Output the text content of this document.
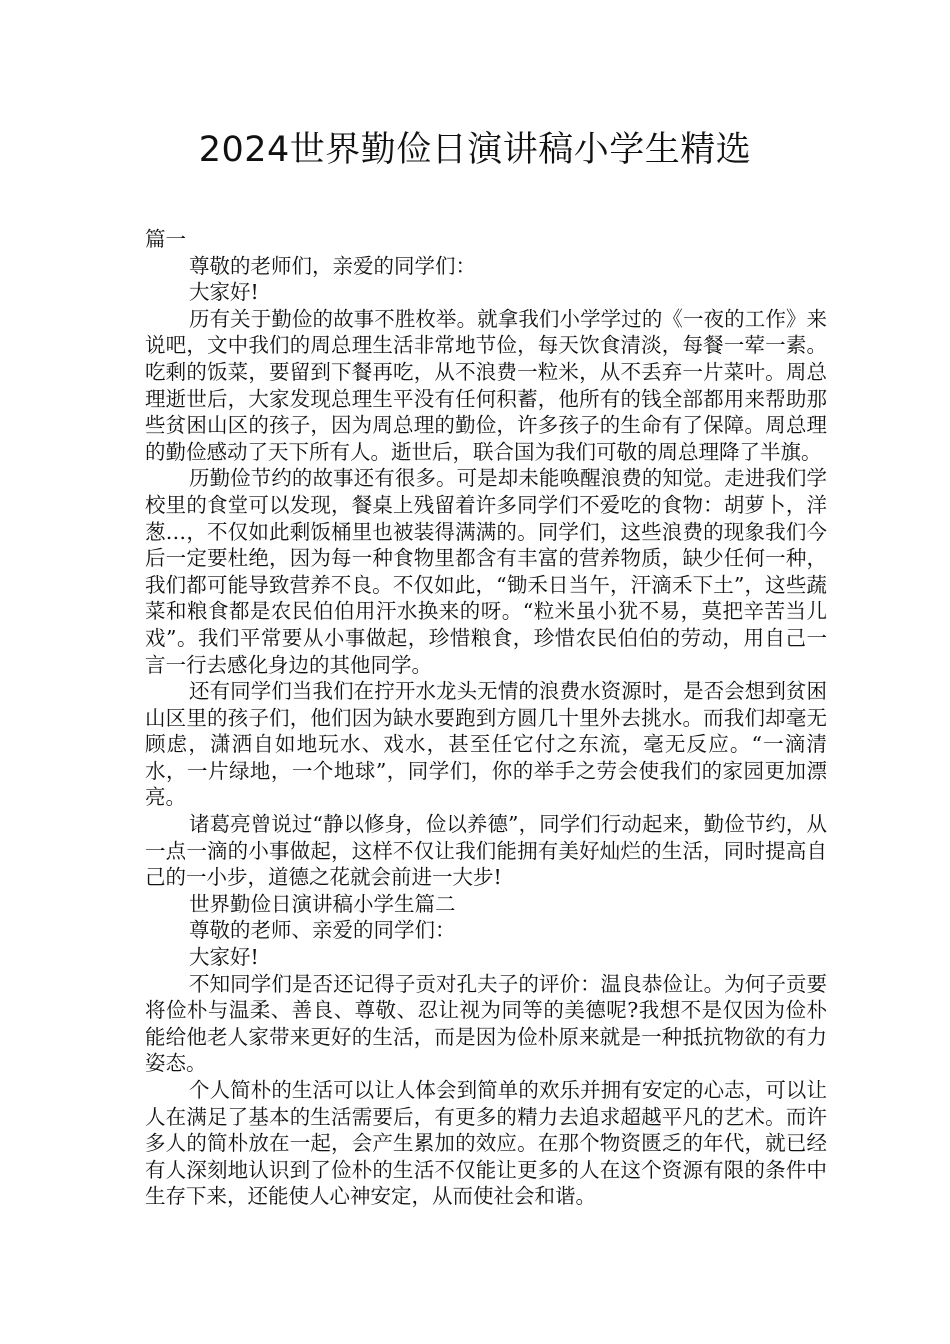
2024世界勤俭日演讲稿小学生精选

篇一

尊敬的老师们，亲爱的同学们：

大家好!

历有关于勤俭的故事不胜枚举。就拿我们小学学过的《一夜的工作》来说吧，文中我们的周总理生活非常地节俭，每天饮食清淡，每餐一荤一素。吃剩的饭菜，要留到下餐再吃，从不浪费一粒米，从不丢弃一片菜叶。周总理逝世后，大家发现总理生平没有任何积蓄，他所有的钱全部都用来帮助那些贫困山区的孩子，因为周总理的勤俭，许多孩子的生命有了保障。周总理的勤俭感动了天下所有人。逝世后，联合国为我们可敬的周总理降了半旗。

历勤俭节约的故事还有很多。可是却未能唤醒浪费的知觉。走进我们学校里的食堂可以发现，餐桌上残留着许多同学们不爱吃的食物：胡萝卜，洋葱…，不仅如此剩饭桶里也被装得满满的。同学们，这些浪费的现象我们今后一定要杜绝，因为每一种食物里都含有丰富的营养物质，缺少任何一种，我们都可能导致营养不良。不仅如此，“锄禾日当午，汗滴禾下土”，这些蔬菜和粮食都是农民伯伯用汗水换来的呀。“粒米虽小犹不易，莫把辛苦当儿戏”。我们平常要从小事做起，珍惜粮食，珍惜农民伯伯的劳动，用自己一言一行去感化身边的其他同学。

还有同学们当我们在拧开水龙头无情的浪费水资源时，是否会想到贫困山区里的孩子们，他们因为缺水要跑到方圆几十里外去挑水。而我们却毫无顾虑，潇洒自如地玩水、戏水，甚至任它付之东流，毫无反应。“一滴清水，一片绿地，一个地球”，同学们，你的举手之劳会使我们的家园更加漂亮。

诸葛亮曾说过“静以修身，俭以养德”，同学们行动起来，勤俭节约，从一点一滴的小事做起，这样不仅让我们能拥有美好灿烂的生活，同时提高自己的一小步，道德之花就会前进一大步!

世界勤俭日演讲稿小学生篇二

尊敬的老师、亲爱的同学们：

大家好!

不知同学们是否还记得子贡对孔夫子的评价：温良恭俭让。为何子贡要将俭朴与温柔、善良、尊敬、忍让视为同等的美德呢?我想不是仅因为俭朴能给他老人家带来更好的生活，而是因为俭朴原来就是一种抵抗物欲的有力姿态。

个人简朴的生活可以让人体会到简单的欢乐并拥有安定的心志，可以让人在满足了基本的生活需要后，有更多的精力去追求超越平凡的艺术。而许多人的简朴放在一起，会产生累加的效应。在那个物资匮乏的年代，就已经有人深刻地认识到了俭朴的生活不仅能让更多的人在这个资源有限的条件中生存下来，还能使人心神安定，从而使社会和谐。
